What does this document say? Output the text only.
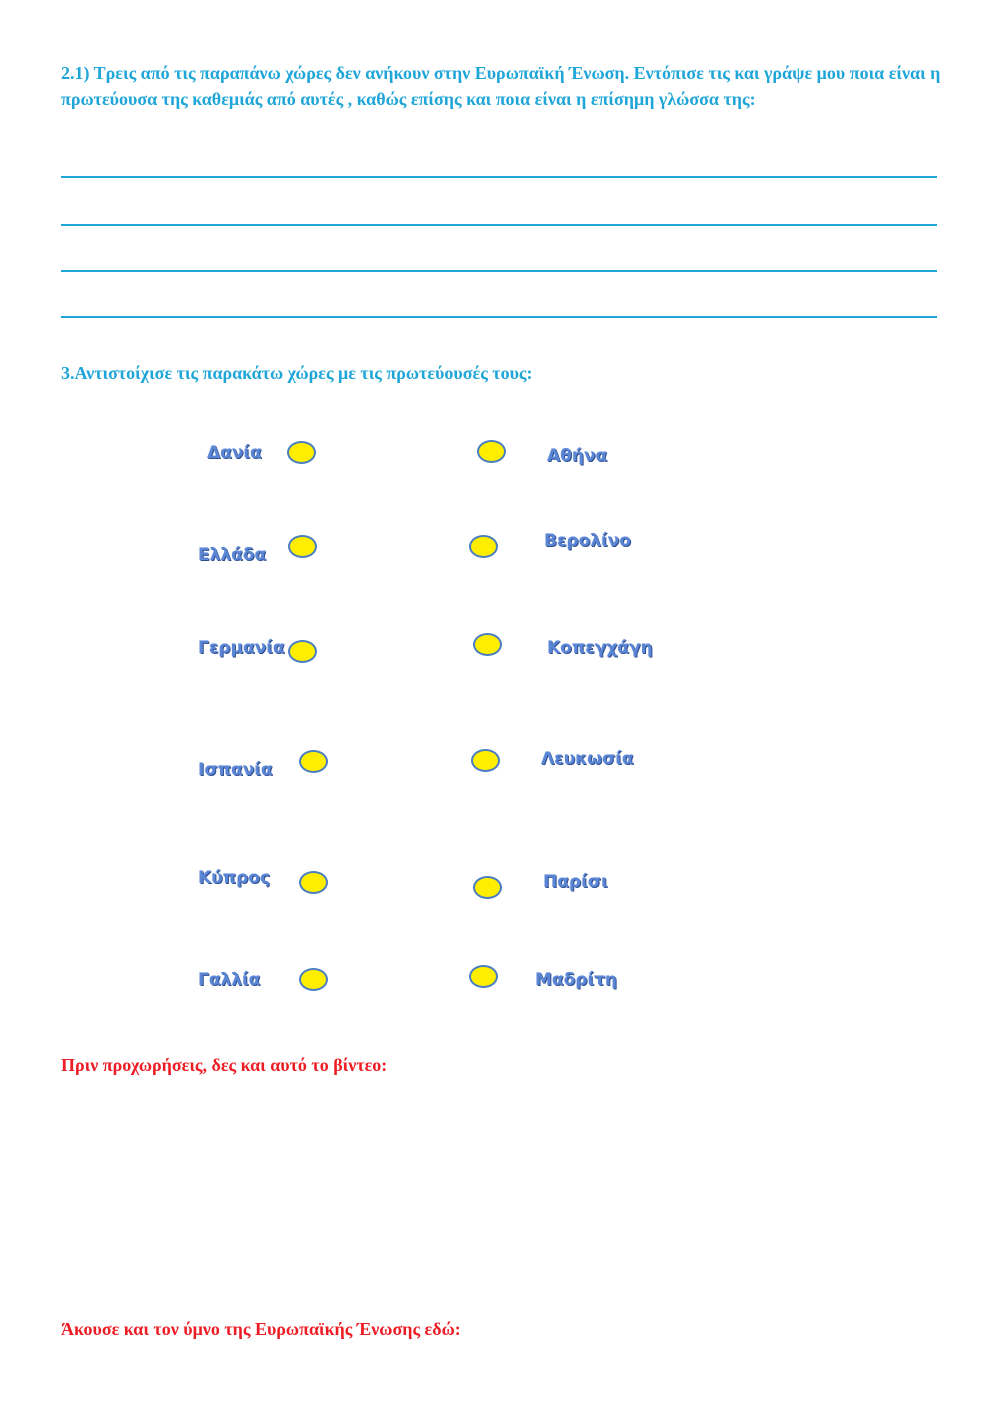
2.1) Τρεις από τις παραπάνω χώρες δεν ανήκουν στην Ευρωπαϊκή Ένωση. Εντόπισε τις και γράψε μου ποια είναι η πρωτεύουσα της καθεμιάς από αυτές , καθώς επίσης και ποια είναι η επίσημη γλώσσα της:
3.Αντιστοίχισε τις παρακάτω χώρες με τις πρωτεύουσές τους:
Δανία
Ελλάδα
Γερμανία
Ισπανία
Κύπρος
Γαλλία
Αθήνα
Βερολίνο
Κοπεγχάγη
Λευκωσία
Παρίσι
Μαδρίτη
Πριν προχωρήσεις, δες και αυτό το βίντεο:
Άκουσε και τον ύμνο της Ευρωπαϊκής Ένωσης εδώ:
